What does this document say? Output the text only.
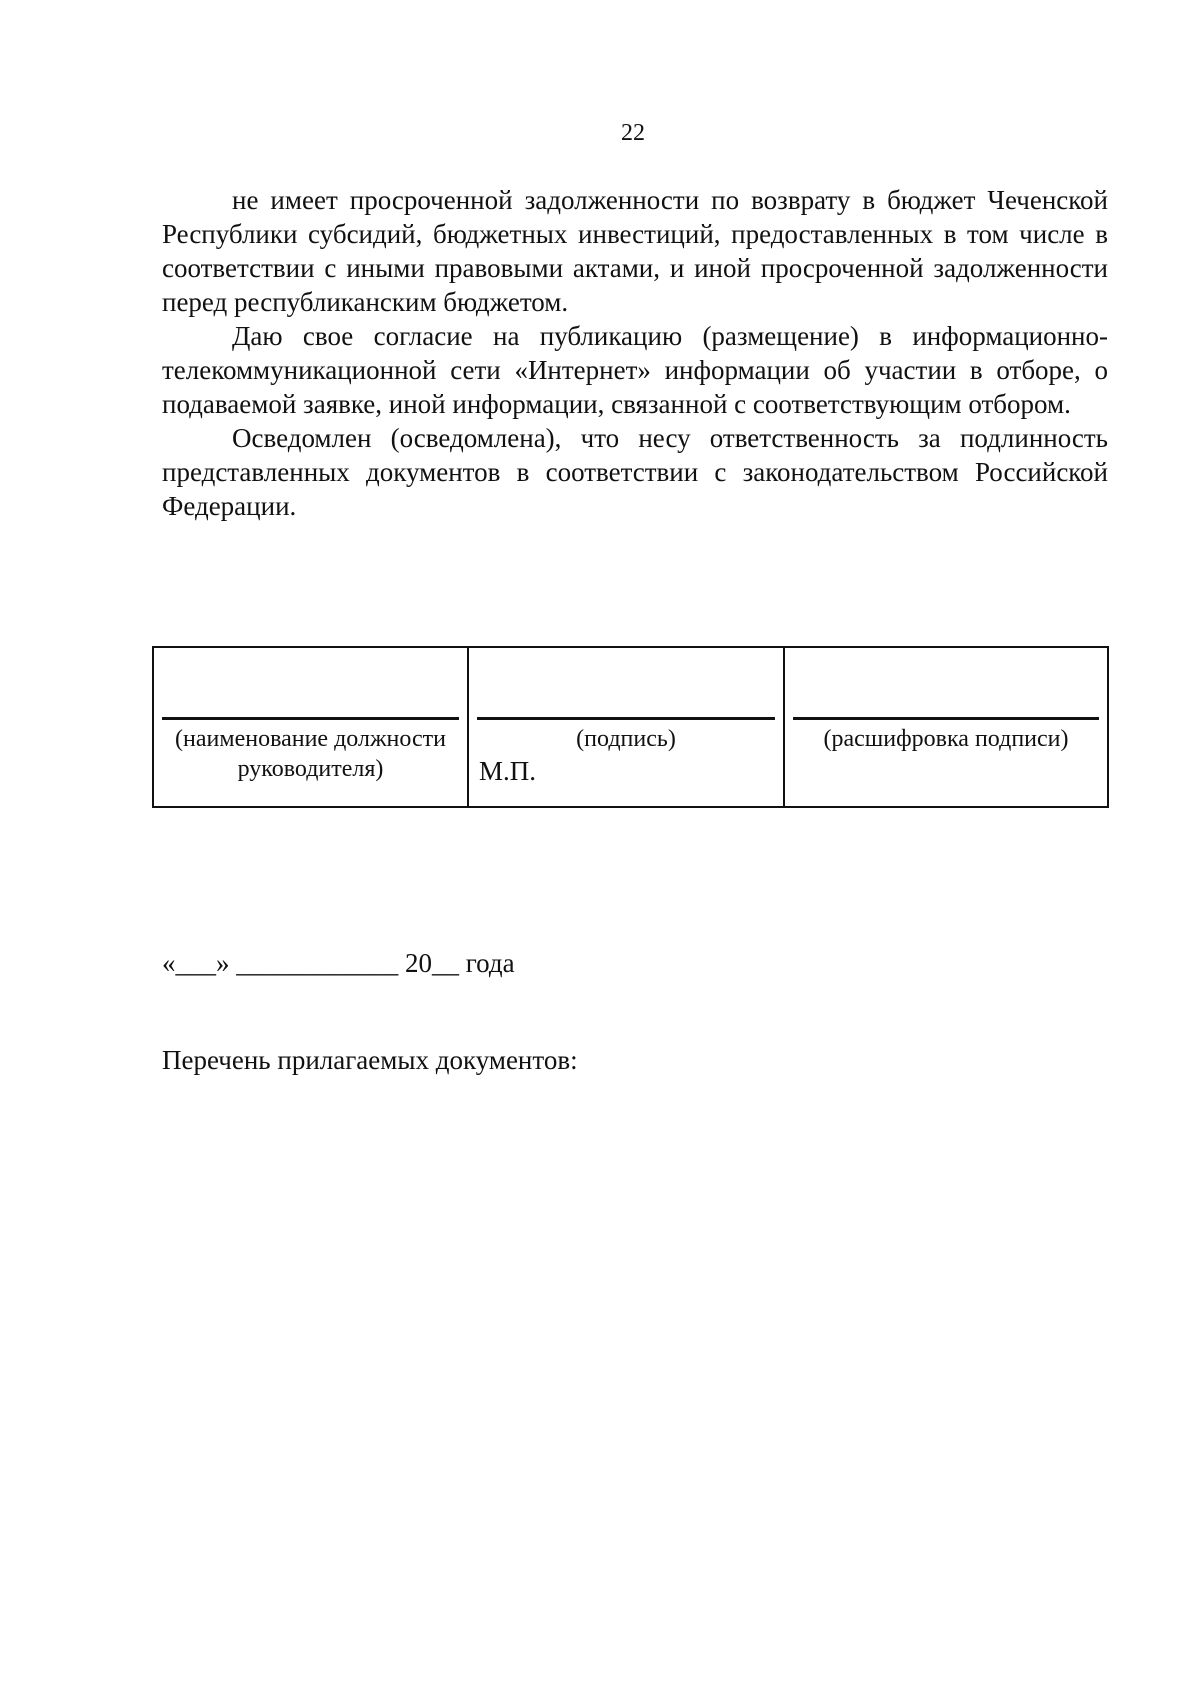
22

не имеет просроченной задолженности по возврату в бюджет Чеченской Республики субсидий, бюджетных инвестиций, предоставленных в том числе в соответствии с иными правовыми актами, и иной просроченной задолженности перед республиканским бюджетом.

Даю свое согласие на публикацию (размещение) в информационно-телекоммуникационной сети «Интернет» информации об участии в отборе, о подаваемой заявке, иной информации, связанной с соответствующим отбором.

Осведомлен (осведомлена), что несу ответственность за подлинность представленных документов в соответствии с законодательством Российской Федерации.

(наименование должности руководителя)
(подпись)
М.П.
(расшифровка подписи)
«___» ____________ 20__ года
Перечень прилагаемых документов:
